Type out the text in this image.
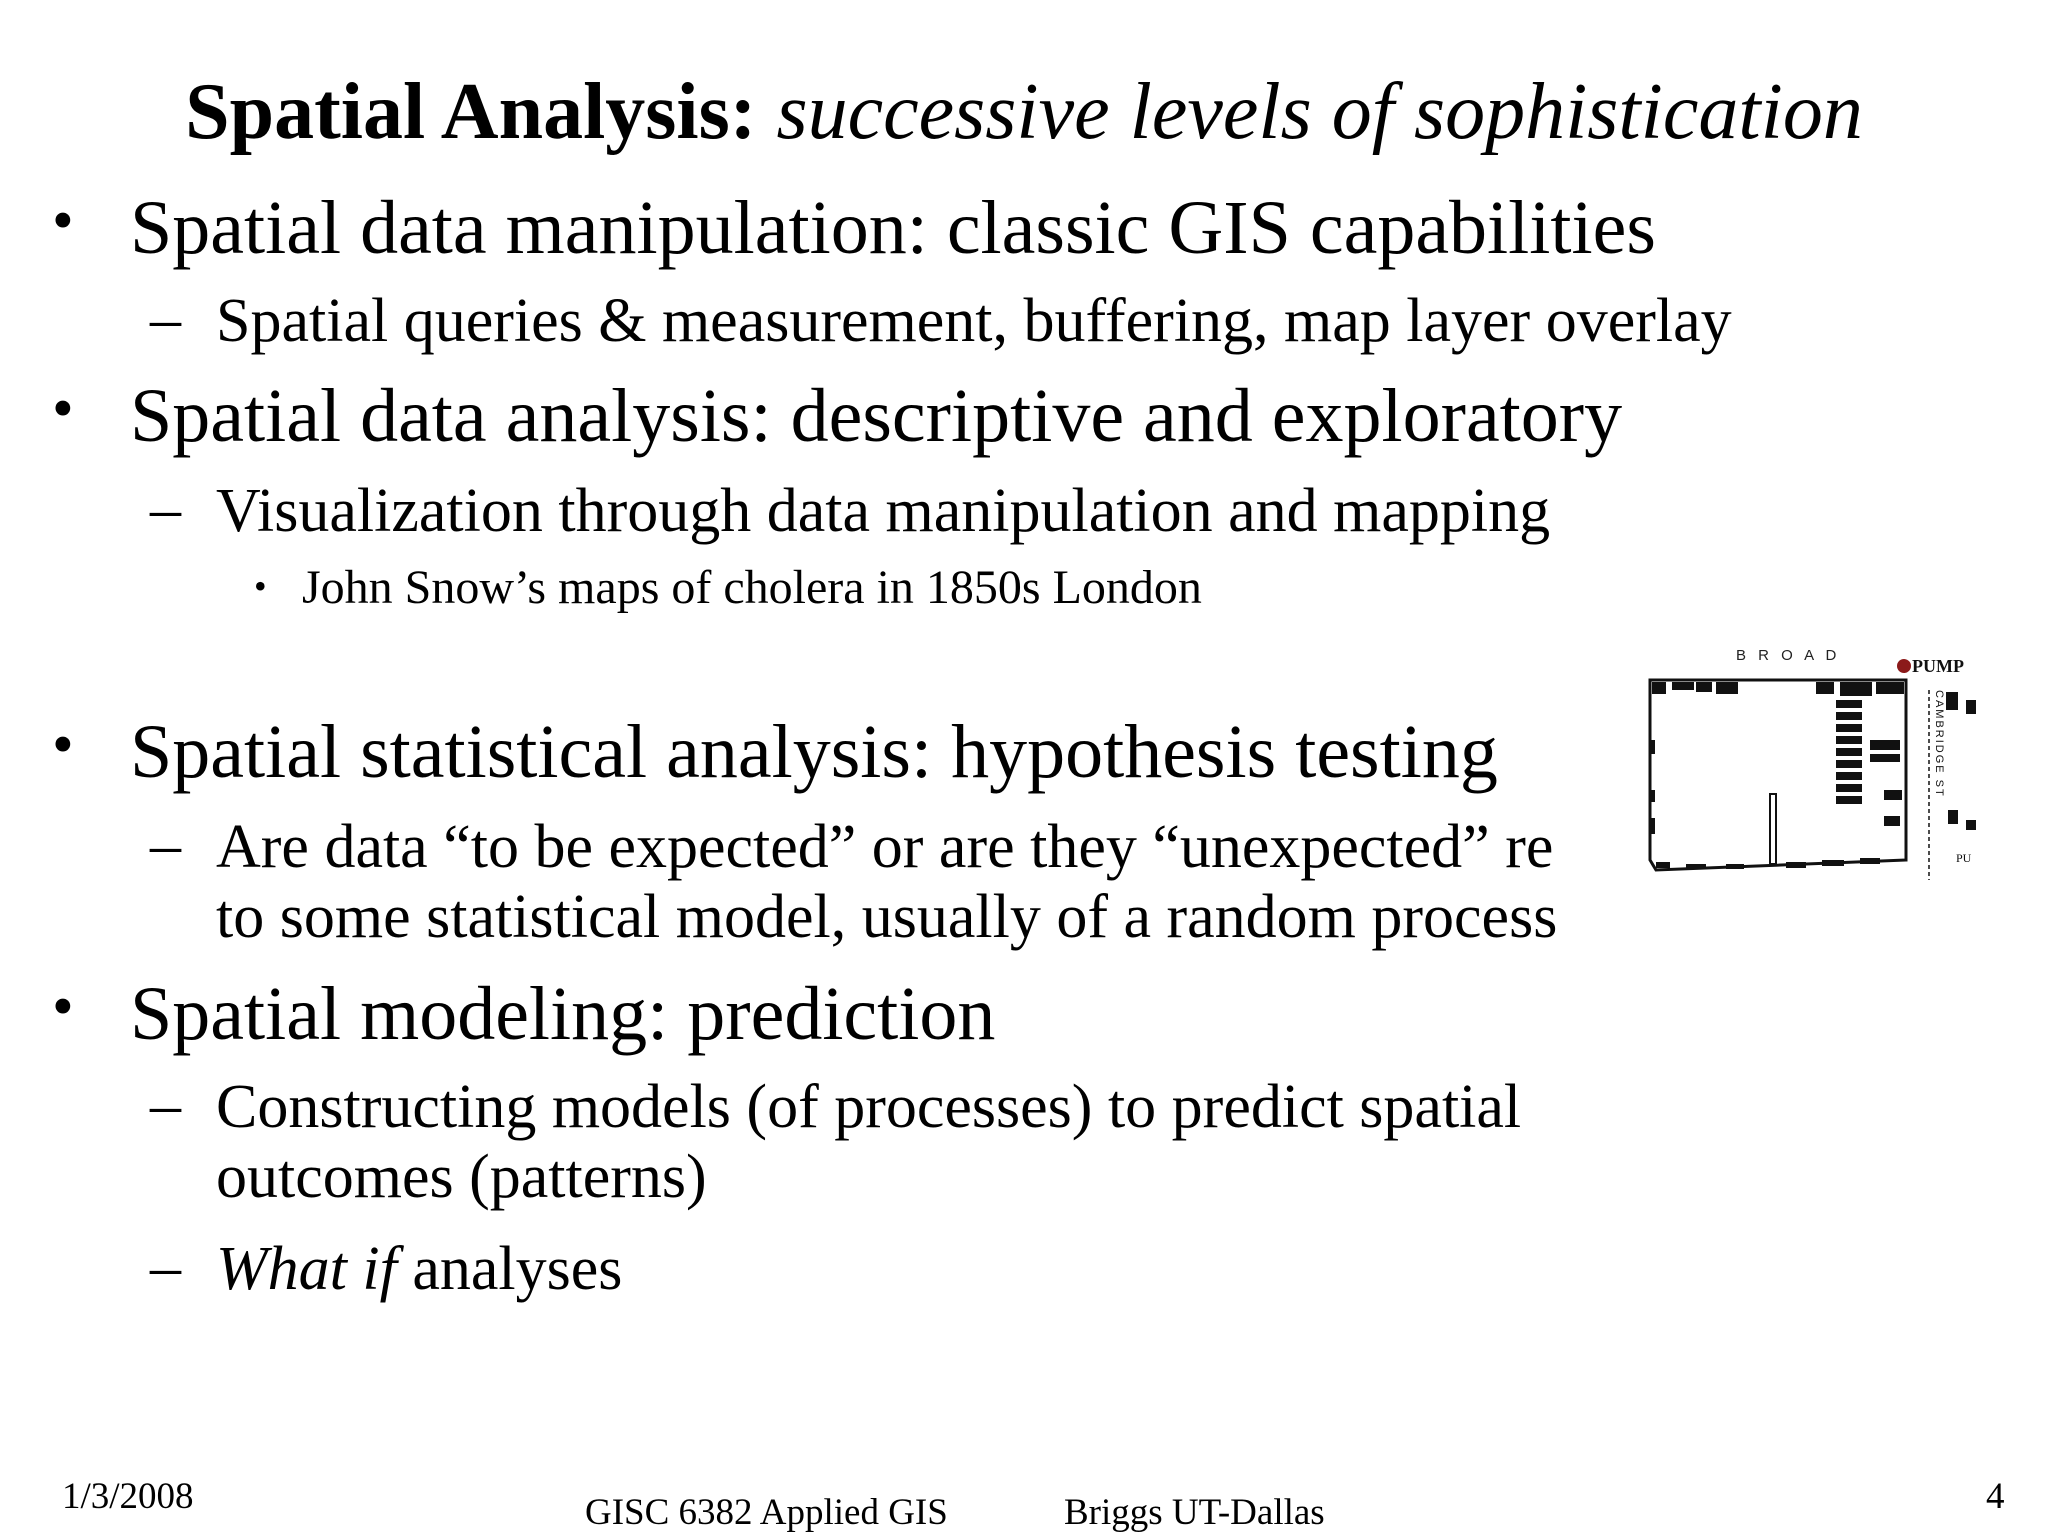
Spatial Analysis: successive levels of sophistication
• Spatial data manipulation: classic GIS capabilities
– Spatial queries & measurement, buffering, map layer overlay
• Spatial data analysis: descriptive and exploratory
– Visualization through data manipulation and mapping
• John Snow’s maps of cholera in 1850s London
• Spatial statistical analysis: hypothesis testing
– Are data “to be expected” or are they “unexpected” re
to some statistical model, usually of a random process
• Spatial modeling: prediction
– Constructing models (of processes) to predict spatial
outcomes (patterns)
– What if analyses
B R O A D
PUMP
CAMBRIDGE ST
PU
1/3/2008	GISC 6382 Applied GIS	Briggs UT-Dallas	4
